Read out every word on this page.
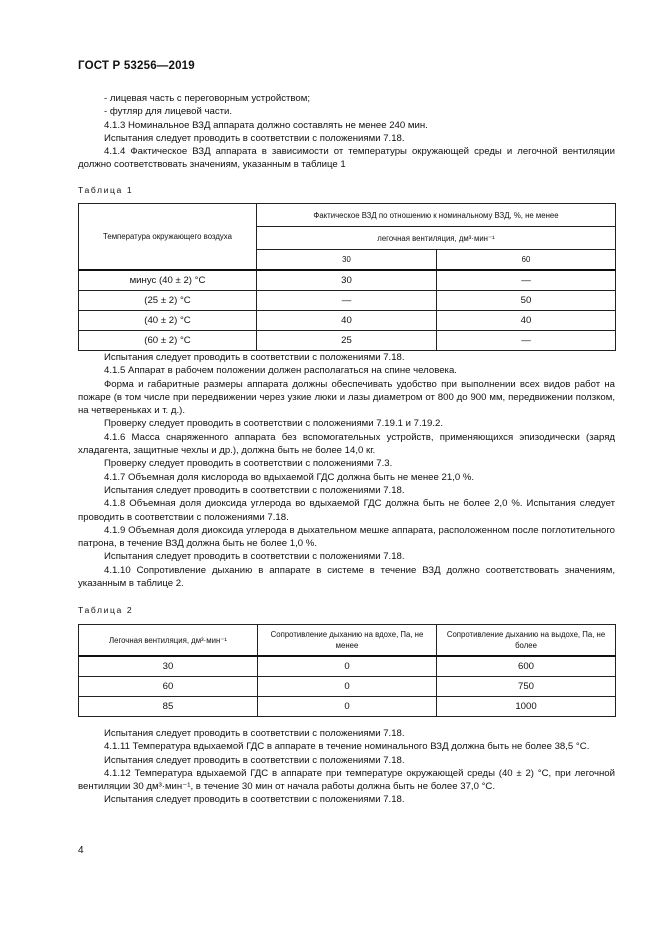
ГОСТ Р 53256—2019

- лицевая часть с переговорным устройством;

- футляр для лицевой части.

4.1.3 Номинальное ВЗД аппарата должно составлять не менее 240 мин.

Испытания следует проводить в соответствии с положениями 7.18.

4.1.4 Фактическое ВЗД аппарата в зависимости от температуры окружающей среды и легочной вентиляции должно соответствовать значениям, указанным в таблице 1

Таблица 1
Температура окружающего воздуха	Фактическое ВЗД по отношению к номинальному ВЗД, %, не менее	
	легочная вентиляция, дм³·мин⁻¹	
	30	60
минус (40 ± 2) °С	30	—
(25 ± 2) °С	—	50
(40 ± 2) °С	40	40
(60 ± 2) °С	25	—

Испытания следует проводить в соответствии с положениями 7.18.

4.1.5 Аппарат в рабочем положении должен располагаться на спине человека.

Форма и габаритные размеры аппарата должны обеспечивать удобство при выполнении всех видов работ на пожаре (в том числе при передвижении через узкие люки и лазы диаметром от 800 до 900 мм, передвижении ползком, на четвереньках и т. д.).

Проверку следует проводить в соответствии с положениями 7.19.1 и 7.19.2.

4.1.6 Масса снаряженного аппарата без вспомогательных устройств, применяющихся эпизодически (заряд хладагента, защитные чехлы и др.), должна быть не более 14,0 кг.

Проверку следует проводить в соответствии с положениями 7.3.

4.1.7 Объемная доля кислорода во вдыхаемой ГДС должна быть не менее 21,0 %.

Испытания следует проводить в соответствии с положениями 7.18.

4.1.8 Объемная доля диоксида углерода во вдыхаемой ГДС должна быть не более 2,0 %. Испытания следует проводить в соответствии с положениями 7.18.

4.1.9 Объемная доля диоксида углерода в дыхательном мешке аппарата, расположенном после поглотительного патрона, в течение ВЗД должна быть не более 1,0 %.

Испытания следует проводить в соответствии с положениями 7.18.

4.1.10 Сопротивление дыханию в аппарате в системе в течение ВЗД должно соответствовать значениям, указанным в таблице 2.

Таблица 2
Легочная вентиляция, дм³·мин⁻¹	Сопротивление дыханию на вдохе, Па, не менее	Сопротивление дыханию на выдохе, Па, не более
30	0	600
60	0	750
85	0	1000

Испытания следует проводить в соответствии с положениями 7.18.

4.1.11 Температура вдыхаемой ГДС в аппарате в течение номинального ВЗД должна быть не более 38,5 °С.

Испытания следует проводить в соответствии с положениями 7.18.

4.1.12 Температура вдыхаемой ГДС в аппарате при температуре окружающей среды (40 ± 2) °С, при легочной вентиляции 30 дм³·мин⁻¹, в течение 30 мин от начала работы должна быть не более 37,0 °С.

Испытания следует проводить в соответствии с положениями 7.18.

4
